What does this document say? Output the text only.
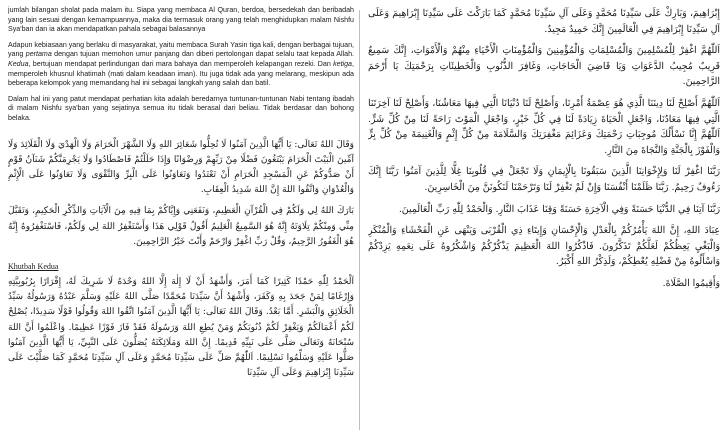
jumlah bilangan sholat pada malam itu. Siapa yang membaca Al Quran, berdoa, bersedekah dan beribadah yang lain sesuai dengan kemampuannya, maka dia termasuk orang yang telah menghidupkan malam Nishfu Sya'ban dan ia akan mendapatkan pahala sebagai balasannya

Adapun kebiasaan yang berlaku di masyarakat, yaitu membaca Surah Yasin tiga kali, dengan berbagai tujuan, yang pertama dengan tujuan memohon umur panjang dan diberi pertolongan dapat selalu taat kepada Allah. Kedua, bertujuan mendapat perlindungan dari mara bahaya dan memperoleh kelapangan rezeki. Dan ketiga, memperoleh khusnul khatimah (mati dalam keadaan iman). Itu juga tidak ada yang melarang, meskipun ada beberapa kelompok yang memandang hal ini sebagai langkah yang salah dan batil.

Dalam hal ini yang patut mendapat perhatian kita adalah beredarnya tuntunan-tuntunan Nabi tentang ibadah di malam Nishfu sya'ban yang sejatinya semua itu tidak berasal dari beliau. Tidak berdasar dan bohong belaka.

وَقَالَ اللهُ تَعَالَى: يَا أَيُّهَا الَّذِينَ آمَنُوا لَا تُحِلُّوا شَعَائِرَ اللهِ وَلَا الشَّهْرَ الْحَرَامَ وَلَا الْهَدْيَ وَلَا الْقَلَائِدَ وَلَا آمِّينَ الْبَيْتَ الْحَرَامَ يَبْتَغُونَ فَضْلًا مِنْ رَبِّهِمْ وَرِضْوَانًا وَإِذَا حَلَلْتُمْ فَاصْطَادُوا وَلَا يَجْرِمَنَّكُمْ شَنَآنُ قَوْمٍ أَنْ صَدُّوكُمْ عَنِ الْمَسْجِدِ الْحَرَامِ أَنْ تَعْتَدُوا وَتَعَاوَنُوا عَلَى الْبِرِّ وَالتَّقْوَى وَلَا تَعَاوَنُوا عَلَى الْإِثْمِ وَالْعُدْوَانِ وَاتَّقُوا اللهَ إِنَّ اللهَ شَدِيدُ الْعِقَابِ.

بَارَكَ اللهُ لِي وَلَكُمْ فِي الْقُرْآنِ الْعَظِيمِ، وَنَفَعَنِي وَإِيَّاكُمْ بِمَا فِيهِ مِنَ الْآيَاتِ وَالذِّكْرِ الْحَكِيمِ، وَتَقَبَّلَ مِنِّي وَمِنْكُمْ تِلَاوَتَهُ إِنَّهُ هُوَ السَّمِيعُ الْعَلِيمُ أَقُولُ قَوْلِي هَذَا وَأَسْتَغْفِرُ اللهَ لِي وَلَكُمْ، فَاسْتَغْفِرُوهُ إِنَّهُ هُوَ الْغَفُورُ الرَّحِيمُ، وَقُلْ رَبِّ اغْفِرْ وَارْحَمْ وَأَنْتَ خَيْرُ الرَّاحِمِينَ.

Khutbah Kedua

اَلْحَمْدُ لِلّٰهِ حَمْدًا كَثِيرًا كَمَا أَمَرَ، وَأَشْهَدُ أَنْ لَا إِلٰهَ إِلَّا اللهُ وَحْدَهُ لَا شَرِيكَ لَهُ، إِقْرَارًا بِرُبُوبِيَّتِهِ وَإِرْغَامًا لِمَنْ جَحَدَ بِهِ وَكَفَرَ، وَأَشْهَدُ أَنَّ سَيِّدَنَا مُحَمَّدًا صَلَّى اللهُ عَلَيْهِ وَسَلَّمَ عَبْدُهُ وَرَسُولُهُ سَيِّدُ الْخَلَائِقِ وَالْبَشَرِ. أَمَّا بَعْدُ. وَقَالَ اللهُ تَعَالَى: يَا أَيُّهَا الَّذِينَ آمَنُوا اتَّقُوا اللهَ وَقُولُوا قَوْلًا سَدِيدًا، يُصْلِحْ لَكُمْ أَعْمَالَكُمْ وَيَغْفِرْ لَكُمْ ذُنُوبَكُمْ وَمَنْ يُطِعِ اللهَ وَرَسُولَهُ فَقَدْ فَازَ فَوْزًا عَظِيمًا. وَاعْلَمُوا أَنَّ اللهَ سُبْحَانَهُ وَتَعَالَى صَلَّى عَلَى نَبِيِّهِ قَدِيمًا. إِنَّ اللهَ وَمَلَائِكَتَهُ يُصَلُّونَ عَلَى النَّبِيِّ، يَا أَيُّهَا الَّذِينَ آمَنُوا صَلُّوا عَلَيْهِ وَسَلِّمُوا تَسْلِيمًا. اَللّٰهُمَّ صَلِّ عَلَى سَيِّدِنَا مُحَمَّدٍ وَعَلَى آلِ سَيِّدِنَا مُحَمَّدٍ كَمَا صَلَّيْتَ عَلَى سَيِّدِنَا إِبْرَاهِيمَ وَعَلَى آلِ سَيِّدِنَا

إِبْرَاهِيمَ، وَبَارِكْ عَلَى سَيِّدِنَا مُحَمَّدٍ وَعَلَى آلِ سَيِّدِنَا مُحَمَّدٍ كَمَا بَارَكْتَ عَلَى سَيِّدِنَا إِبْرَاهِيمَ وَعَلَى آلِ سَيِّدِنَا إِبْرَاهِيمَ فِي الْعَالَمِينَ إِنَّكَ حَمِيدٌ مَجِيدٌ.

اَللّٰهُمَّ اغْفِرْ لِلْمُسْلِمِينَ وَالْمُسْلِمَاتِ وَالْمُؤْمِنِينَ وَالْمُؤْمِنَاتِ الْأَحْيَاءِ مِنْهُمْ وَالْأَمْوَاتِ، إِنَّكَ سَمِيعٌ قَرِيبٌ مُجِيبُ الدَّعَوَاتِ وَيَا قَاضِيَ الْحَاجَاتِ، وَغَافِرَ الذُّنُوبِ وَالْخَطِيئَاتِ بِرَحْمَتِكَ يَا أَرْحَمَ الرَّاحِمِينَ.

اَللّٰهُمَّ أَصْلِحْ لَنَا دِينَنَا الَّذِي هُوَ عِصْمَةُ أَمْرِنَا، وَأَصْلِحْ لَنَا دُنْيَانَا الَّتِي فِيهَا مَعَاشُنَا، وَأَصْلِحْ لَنَا آخِرَتَنَا الَّتِي فِيهَا مَعَادُنَا، وَاجْعَلِ الْحَيَاةَ زِيَادَةً لَنَا فِي كُلِّ خَيْرٍ، وَاجْعَلِ الْمَوْتَ رَاحَةً لَنَا مِنْ كُلِّ شَرٍّ. اَللّٰهُمَّ إِنَّا نَسْأَلُكَ مُوجِبَاتِ رَحْمَتِكَ وَعَزَائِمَ مَغْفِرَتِكَ وَالسَّلَامَةَ مِنْ كُلِّ إِثْمٍ وَالْغَنِيمَةَ مِنْ كُلِّ بِرٍّ وَالْفَوْزَ بِالْجَنَّةِ وَالنَّجَاةَ مِنَ النَّارِ.

رَبَّنَا اغْفِرْ لَنَا وَلِإِخْوَانِنَا الَّذِينَ سَبَقُونَا بِالْإِيمَانِ وَلَا تَجْعَلْ فِي قُلُوبِنَا غِلًّا لِلَّذِينَ آمَنُوا رَبَّنَا إِنَّكَ رَءُوفٌ رَحِيمٌ. رَبَّنَا ظَلَمْنَا أَنْفُسَنَا وَإِنْ لَمْ تَغْفِرْ لَنَا وَتَرْحَمْنَا لَنَكُونَنَّ مِنَ الْخَاسِرِينَ.

رَبَّنَا آتِنَا فِي الدُّنْيَا حَسَنَةً وَفِي الْآخِرَةِ حَسَنَةً وَقِنَا عَذَابَ النَّارِ. وَالْحَمْدُ لِلّٰهِ رَبِّ الْعَالَمِينَ.

عِبَادَ اللهِ، إِنَّ اللهَ يَأْمُرُكُمْ بِالْعَدْلِ وَالْإِحْسَانِ وَإِيتَاءِ ذِي الْقُرْبَى وَيَنْهَى عَنِ الْفَحْشَاءِ وَالْمُنْكَرِ وَالْبَغْيِ يَعِظُكُمْ لَعَلَّكُمْ تَذَكَّرُونَ. فَاذْكُرُوا اللهَ الْعَظِيمَ يَذْكُرْكُمْ وَاشْكُرُوهُ عَلَى نِعَمِهِ يَزِدْكُمْ وَاسْأَلُوهُ مِنْ فَضْلِهِ يُعْطِكُمْ، وَلَذِكْرُ اللهِ أَكْبَرُ.

وَأَقِيمُوا الصَّلَاةَ.
